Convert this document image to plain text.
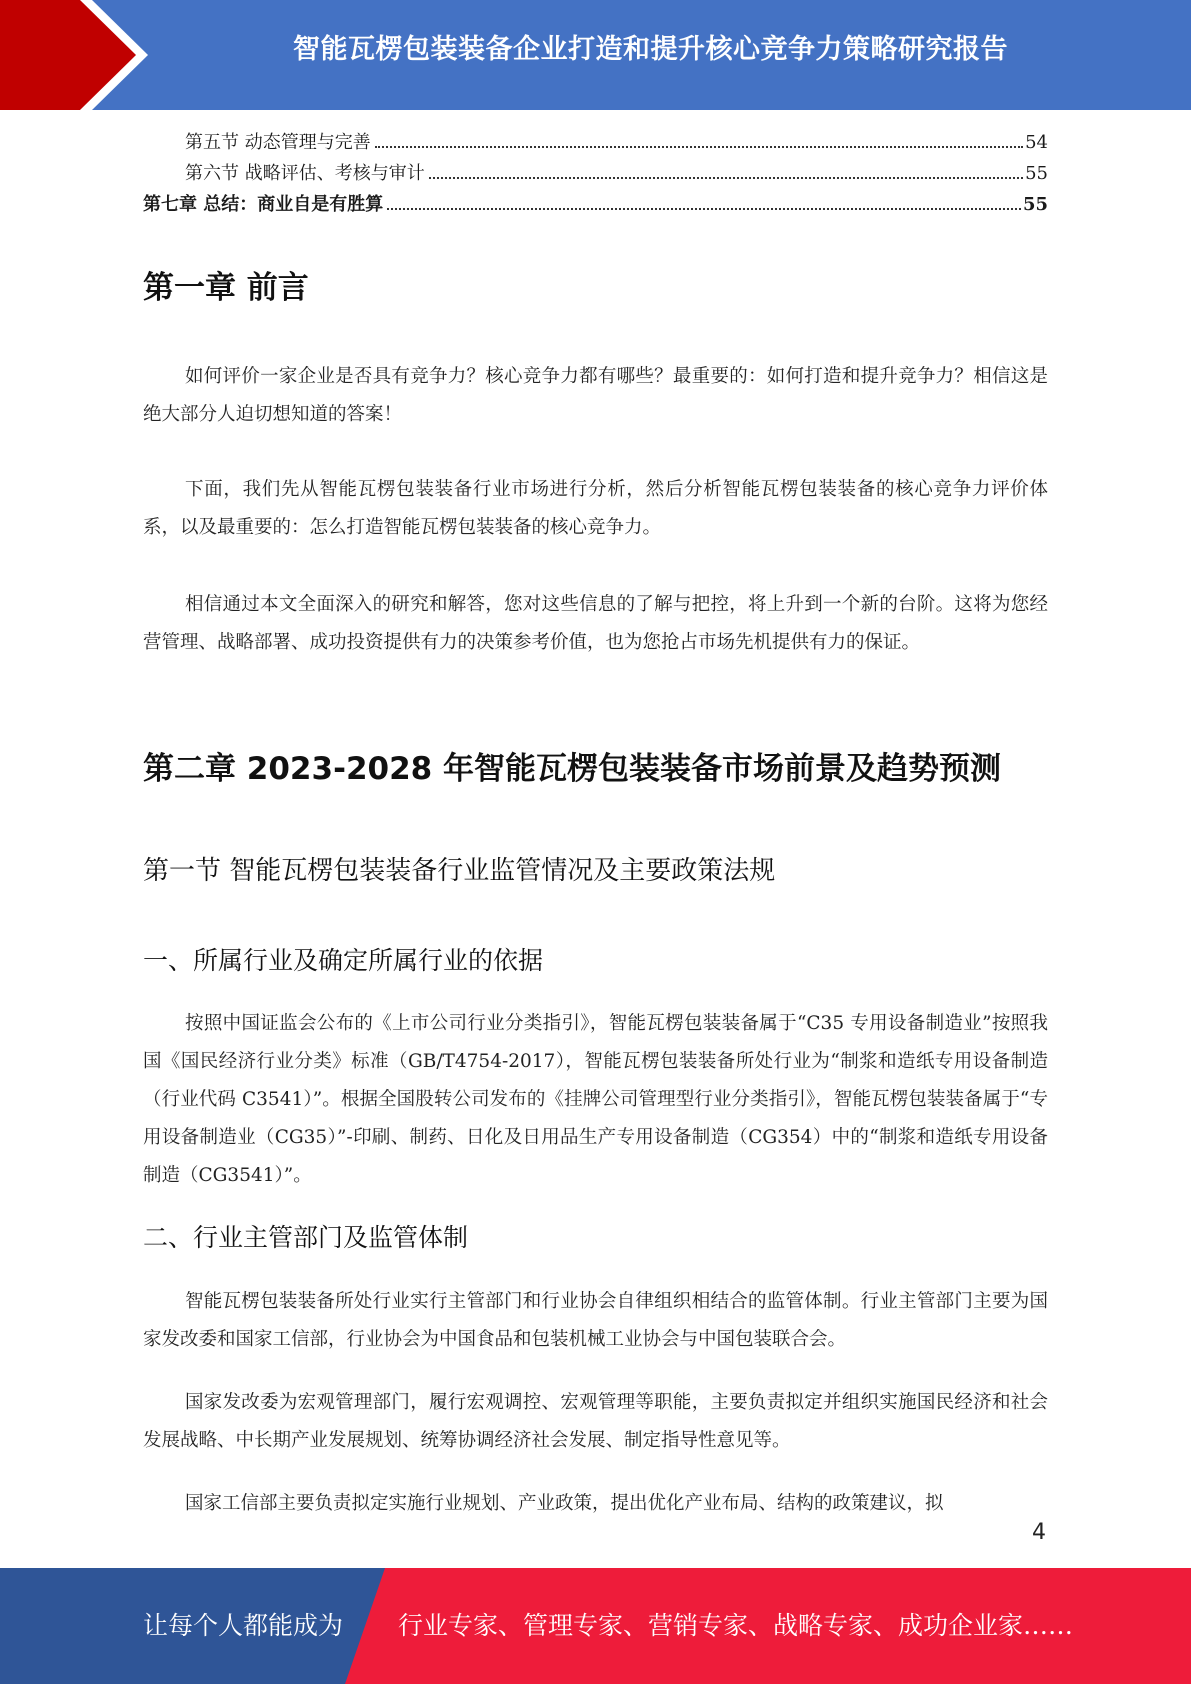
智能瓦楞包装装备企业打造和提升核心竞争力策略研究报告
第五节 动态管理与完善	54
第六节 战略评估、考核与审计	55
第七章 总结：商业自是有胜算	55
第一章 前言
如何评价一家企业是否具有竞争力？核心竞争力都有哪些？最重要的：如何打造和提升竞争力？相信这是绝大部分人迫切想知道的答案！
下面，我们先从智能瓦楞包装装备行业市场进行分析，然后分析智能瓦楞包装装备的核心竞争力评价体系，以及最重要的：怎么打造智能瓦楞包装装备的核心竞争力。
相信通过本文全面深入的研究和解答，您对这些信息的了解与把控，将上升到一个新的台阶。这将为您经营管理、战略部署、成功投资提供有力的决策参考价值，也为您抢占市场先机提供有力的保证。
第二章 2023-2028 年智能瓦楞包装装备市场前景及趋势预测
第一节 智能瓦楞包装装备行业监管情况及主要政策法规
一、所属行业及确定所属行业的依据
按照中国证监会公布的《上市公司行业分类指引》，智能瓦楞包装装备属于“C35 专用设备制造业”按照我国《国民经济行业分类》标准（GB/T4754-2017），智能瓦楞包装装备所处行业为“制浆和造纸专用设备制造（行业代码 C3541）”。根据全国股转公司发布的《挂牌公司管理型行业分类指引》，智能瓦楞包装装备属于“专用设备制造业（CG35）”-印刷、制药、日化及日用品生产专用设备制造（CG354）中的“制浆和造纸专用设备制造（CG3541）”。
二、行业主管部门及监管体制
智能瓦楞包装装备所处行业实行主管部门和行业协会自律组织相结合的监管体制。行业主管部门主要为国家发改委和国家工信部，行业协会为中国食品和包装机械工业协会与中国包装联合会。
国家发改委为宏观管理部门，履行宏观调控、宏观管理等职能，主要负责拟定并组织实施国民经济和社会发展战略、中长期产业发展规划、统筹协调经济社会发展、制定指导性意见等。
国家工信部主要负责拟定实施行业规划、产业政策，提出优化产业布局、结构的政策建议，拟
4
让每个人都能成为 行业专家、管理专家、营销专家、战略专家、成功企业家……
